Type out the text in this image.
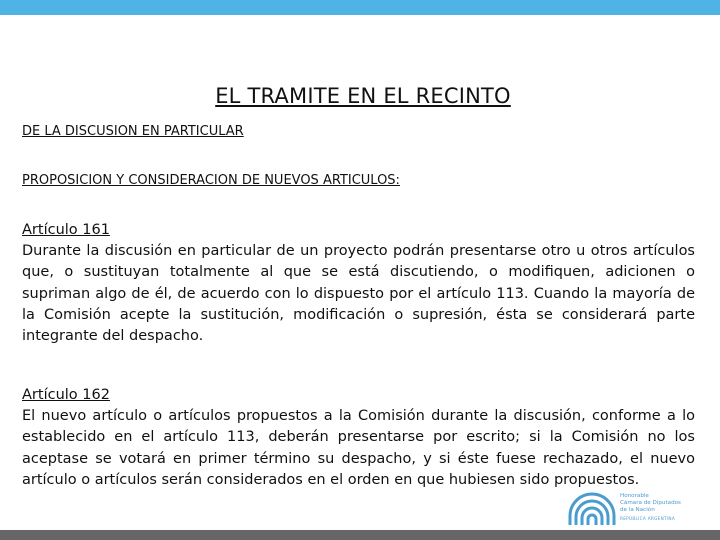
EL TRAMITE EN EL RECINTO
DE LA DISCUSION EN PARTICULAR
PROPOSICION Y CONSIDERACION DE NUEVOS ARTICULOS:
Artículo 161
Durante la discusión en particular de un proyecto podrán presentarse otro u otros artículos que, o sustituyan totalmente al que se está discutiendo, o modifiquen, adicionen o supriman algo de él, de acuerdo con lo dispuesto por el artículo 113. Cuando la mayoría de la Comisión acepte la sustitución, modificación o supresión, ésta se considerará parte integrante del despacho.
Artículo 162
El nuevo artículo o artículos propuestos a la Comisión durante la discusión, conforme a lo establecido en el artículo 113, deberán presentarse por escrito; si la Comisión no los aceptase se votará en primer término su despacho, y si éste fuese rechazado, el nuevo artículo o artículos serán considerados en el orden en que hubiesen sido propuestos.
Honorable
Cámara de Diputados
de la Nación
REPÚBLICA ARGENTINA
